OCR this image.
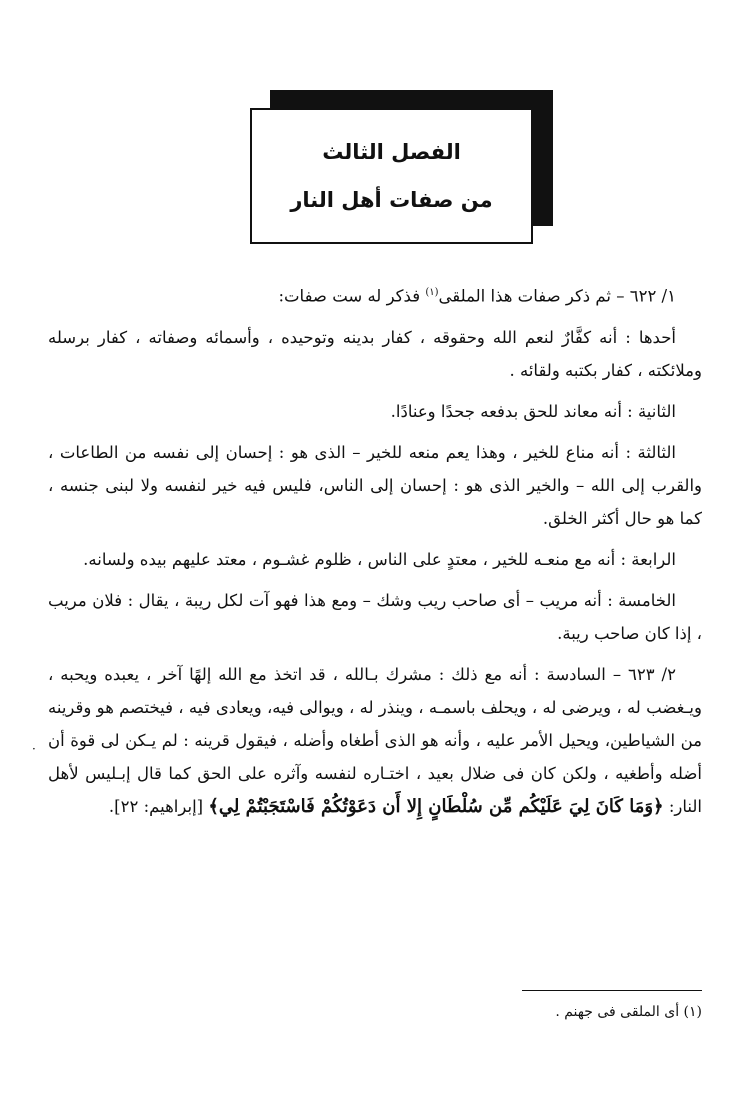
الفصل الثالث
من صفات أهل النار
·

١/ ٦٢٢ – ثم ذكر صفات هذا الملقى$^{(١)}$ فذكر له ست صفات:

أحدها : أنه كفَّارٌ لنعم الله وحقوقه ، كفار بدينه وتوحيده ، وأسمائه وصفاته ، كفار برسله وملائكته ، كفار بكتبه ولقائه .

الثانية : أنه معاند للحق بدفعه جحدًا وعنادًا.

الثالثة : أنه مناع للخير ، وهذا يعم منعه للخير – الذى هو : إحسان إلى نفسه من الطاعات ، والقرب إلى الله – والخير الذى هو : إحسان إلى الناس، فليس فيه خير لنفسه ولا لبنى جنسه ، كما هو حال أكثر الخلق.

الرابعة : أنه مع منعـه للخير ، معتدٍ على الناس ، ظلوم غشـوم ، معتد عليهم بيده ولسانه.

الخامسة : أنه مريب – أى صاحب ريب وشك – ومع هذا فهو آت لكل ريبة ، يقال : فلان مريب ، إذا كان صاحب ريبة.

٢/ ٦٢٣ – السادسة : أنه مع ذلك : مشرك بـالله ، قد اتخذ مع الله إلهًا آخر ، يعبده ويحبه ، ويـغضب له ، ويرضى له ، ويحلف باسمـه ، وينذر له ، ويوالى فيه، ويعادى فيه ، فيختصم هو وقرينه من الشياطين، ويحيل الأمر عليه ، وأنه هو الذى أطغاه وأضله ، فيقول قرينه : لم يـكن لى قوة أن أضله وأطغيه ، ولكن كان فى ضلال بعيد ، اختـاره لنفسه وآثره على الحق كما قال إبـليس لأهل النار: ﴿وَمَا كَانَ لِيَ عَلَيْكُم مِّن سُلْطَانٍ إِلا أَن دَعَوْتُكُمْ فَاسْتَجَبْتُمْ لِي﴾ [إبراهيم: ٢٢].

(١) أى الملقى فى جهنم .
